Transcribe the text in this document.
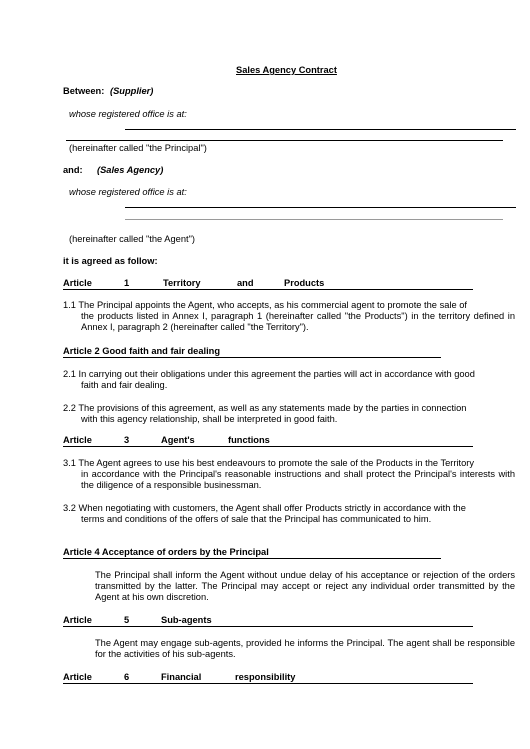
Sales Agency Contract
Between: (Supplier)
whose registered office is at:
(hereinafter called "the Principal")
and: (Sales Agency)
whose registered office is at:
(hereinafter called "the Agent")
it is agreed as follow:
Article	1	Territory	and	Products
1.1 The Principal appoints the Agent, who accepts, as his commercial agent to promote the sale of
the products listed in Annex I, paragraph 1 (hereinafter called "the Products") in the territory defined in Annex I, paragraph 2 (hereinafter called "the Territory").
Article 2 Good faith and fair dealing
2.1 In carrying out their obligations under this agreement the parties will act in accordance with good
faith and fair dealing.
2.2 The provisions of this agreement, as well as any statements made by the parties in connection
with this agency relationship, shall be interpreted in good faith.
Article	3	Agent's	functions
3.1 The Agent agrees to use his best endeavours to promote the sale of the Products in the Territory
in accordance with the Principal's reasonable instructions and shall protect the Principal's interests with the diligence of a responsible businessman.
3.2 When negotiating with customers, the Agent shall offer Products strictly in accordance with the
terms and conditions of the offers of sale that the Principal has communicated to him.
Article 4 Acceptance of orders by the Principal
The Principal shall inform the Agent without undue delay of his acceptance or rejection of the orders transmitted by the latter. The Principal may accept or reject any individual order transmitted by the Agent at his own discretion.
Article	5	Sub-agents
The Agent may engage sub-agents, provided he informs the Principal. The agent shall be responsible for the activities of his sub-agents.
Article	6	Financial	responsibility
